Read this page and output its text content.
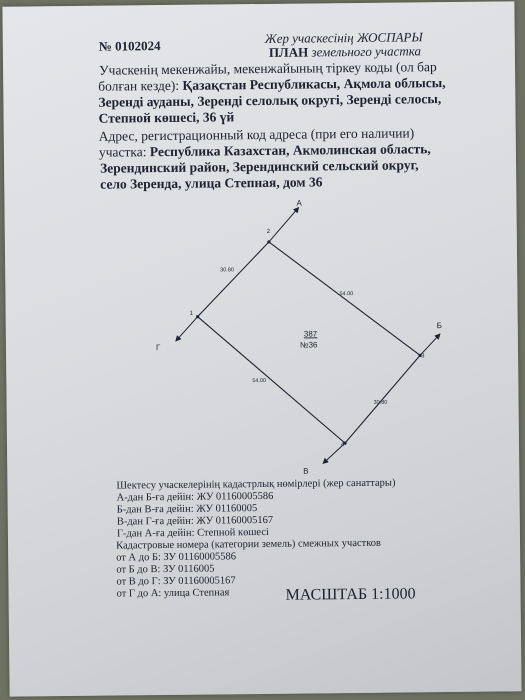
№ 0102024	Жер учаскесінің ЖОСПАРЫ
ПЛАН земельного участка
Учаскенің мекенжайы, мекенжайының тіркеу коды (ол бар
болған кезде): Қазақстан Республикасы, Ақмола облысы,
Зеренді ауданы, Зеренді селолық округі, Зеренді селосы,
Степной көшесі, 36 үй
Адрес, регистрационный код адреса (при его наличии)
участка: Республика Казахстан, Акмолинская область,
Зерендинский район, Зерендинский сельский округ,
село Зеренда, улица Степная, дом 36
1
2
3
4
30.80
54.00
30.80
54.00
А
Б
В
Г
387
№36
Шектесу учаскелерінің кадастрлық нөмірлері (жер санаттары)
А-дан Б-ға дейін: ЖУ 01160005586
Б-дан В-ға дейін: ЖУ 01160005
В-дан Г-ға дейін: ЖУ 01160005167
Г-дан А-ға дейін: Степной көшесі
Кадастровые номера (категории земель) смежных участков
от А до Б: ЗУ 01160005586
от Б до В: ЗУ 0116005
от В до Г: ЗУ 01160005167
от Г до А: улица Степная	МАСШТАБ 1:1000
